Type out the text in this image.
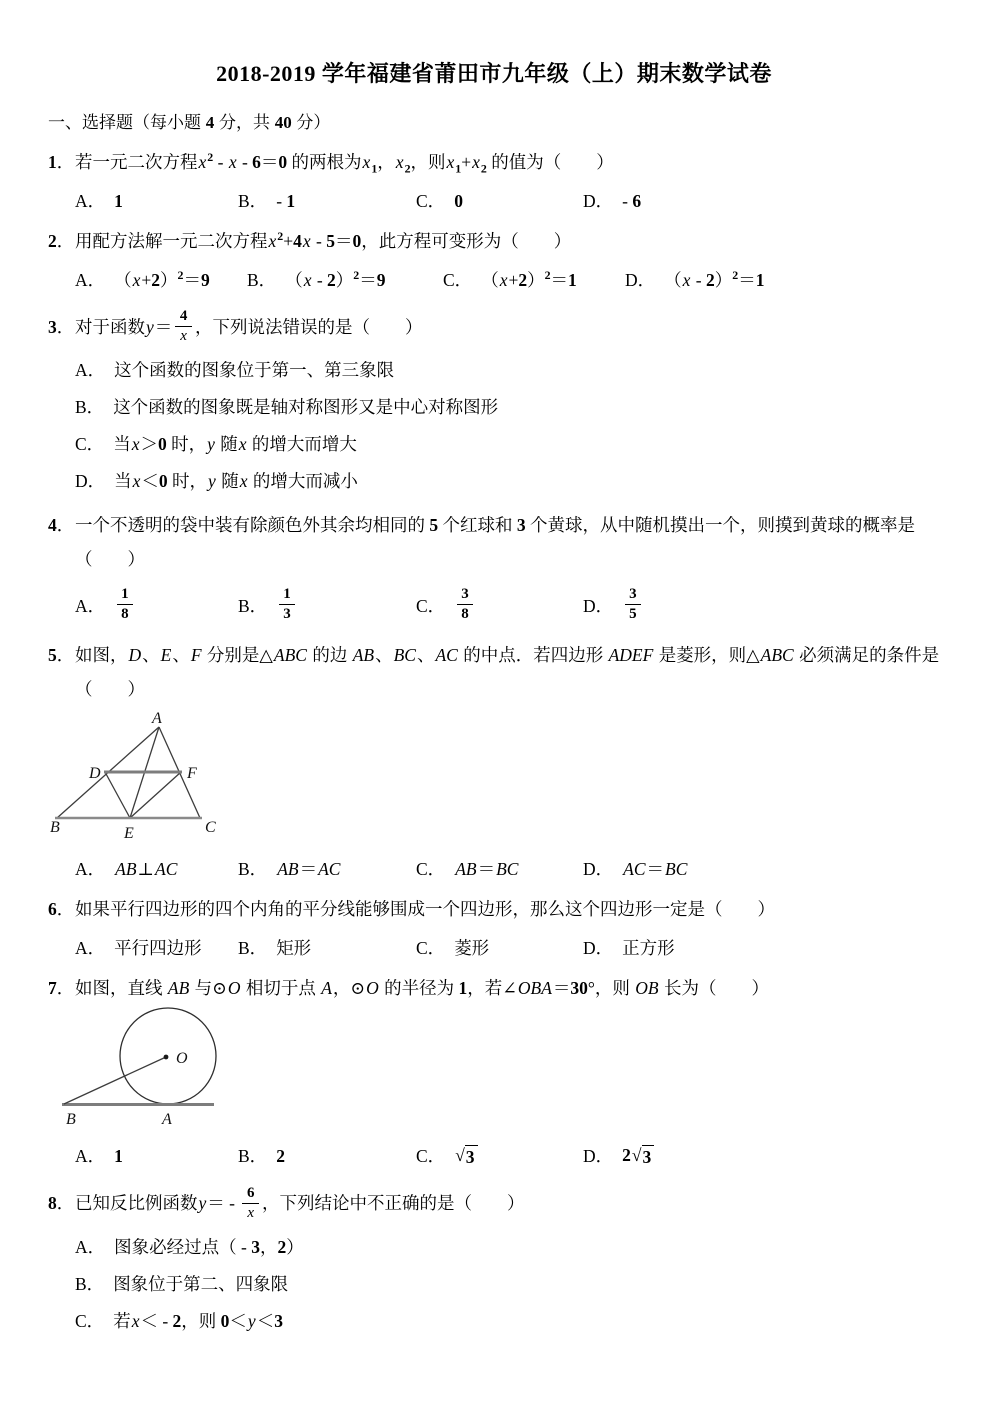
2018-2019 学年福建省莆田市九年级（上）期末数学试卷
一、选择题（每小题 4 分，共 40 分）
1． 若一元二次方程$x^2 - x - 6=0$ 的两根为$x_1$，$x_2$，则$x_1+x_2$ 的值为（　　）
A． 1	B． - 1	C． 0	D． - 6
2． 用配方法解一元二次方程$x^2+4x - 5=0$，此方程可变形为（　　）
A． $(x+2)^2=9$ B． （x - 2）$^2$＝9	C． $(x+2)^2=1$	D． （x - 2）$^2$＝1
3． 对于函数$y= \frac{4}{x}$ ，下列说法错误的是（　　）
A． 这个函数的图象位于第一、第三象限
B． 这个函数的图象既是轴对称图形又是中心对称图形
C． 当x＞0 时，y 随x 的增大而增大
D． 当x＜0 时，y 随x 的增大而减小
4． 一个不透明的袋中装有除颜色外其余均相同的 5 个红球和 3 个黄球，从中随机摸出一个，则摸到黄球的概率是（　　）
A． $\frac{1}{8}$	B． $\frac{1}{3}$	C． $\frac{3}{8}$	D． $\frac{3}{5}$
5． 如图，D、E、F 分别是△ABC 的边 AB、BC、AC 的中点．若四边形 ADEF 是菱形，则△ABC 必须满足的条件是（　　）
A
D	F
B	E	C
A． AB⊥AC	B． AB＝AC	C． AB＝BC	D． AC＝BC
6． 如果平行四边形的四个内角的平分线能够围成一个四边形，那么这个四边形一定是（　　）
A． 平行四边形 B． 矩形	C． 菱形	D． 正方形
7． 如图，直线 AB 与⊙O 相切于点 A，⊙O 的半径为 1，若∠OBA＝30°，则 OB 长为（　　）
O
B	A
A． 1	B． 2	C． √ 3	D． 2 √ 3
8． 已知反比例函数$y= - \frac{6}{x}$ ，下列结论中不正确的是（　　）
A． 图象必经过点（ - 3，2）
B． 图象位于第二、四象限
C． 若x＜ - 2，则 0＜y＜3
